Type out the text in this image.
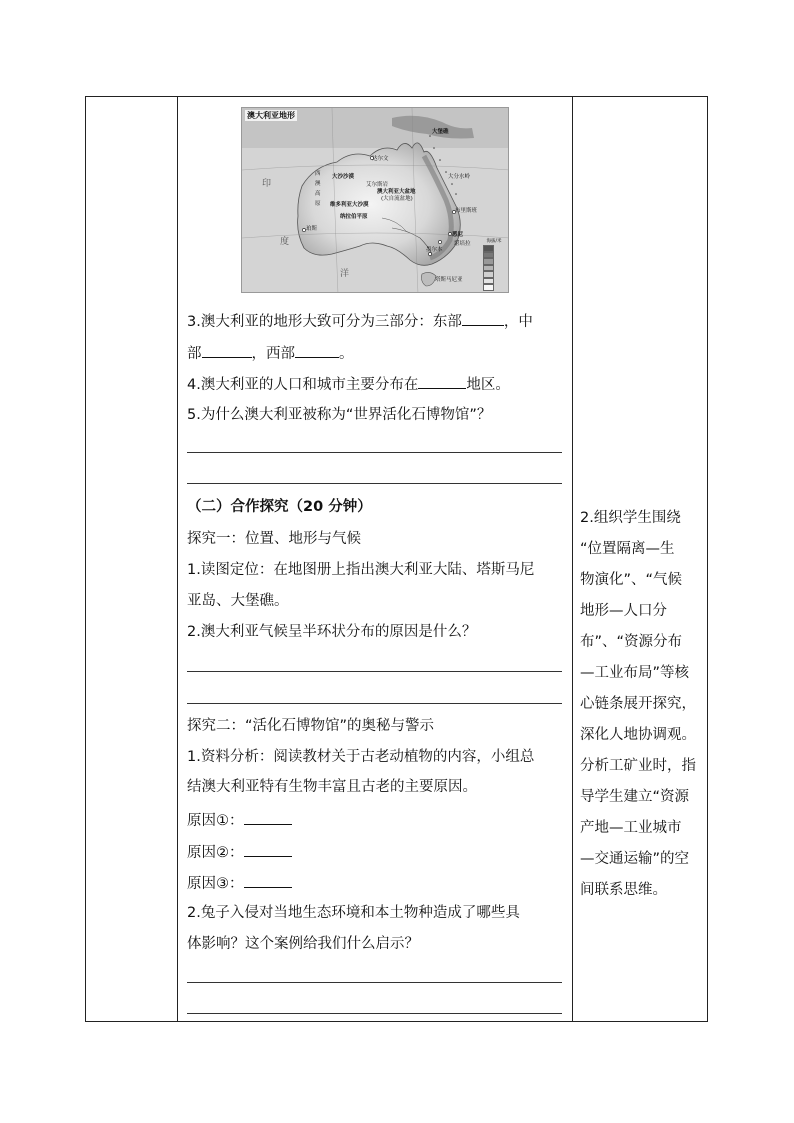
澳大利亚地形
达尔文
西
澳
高
原
大沙沙漠
澳大利亚大盆地
(大自流盆地)
维多利亚大沙漠
纳拉伯平原
珀斯
艾尔斯岩
布里斯班
悉尼
墨尔本
堪培拉
塔斯马尼亚
大堡礁
大分水岭
印
度
洋
海拔/米
3.澳大利亚的地形大致可分为三部分：东部	，中
部	，西部	。
4.澳大利亚的人口和城市主要分布在	地区。
5.为什么澳大利亚被称为“世界活化石博物馆”？
（二）合作探究（20 分钟）
探究一：位置、地形与气候
1.读图定位：在地图册上指出澳大利亚大陆、塔斯马尼
亚岛、大堡礁。
2.澳大利亚气候呈半环状分布的原因是什么？
探究二：“活化石博物馆”的奥秘与警示
1.资料分析：阅读教材关于古老动植物的内容，小组总
结澳大利亚特有生物丰富且古老的主要原因。
原因①：
原因②：
原因③：
2.兔子入侵对当地生态环境和本土物种造成了哪些具
体影响？这个案例给我们什么启示？
2.组织学生围绕
“位置隔离—生
物演化”、“气候
地形—人口分
布”、“资源分布
—工业布局”等核
心链条展开探究，
深化人地协调观。
分析工矿业时，指
导学生建立“资源
产地—工业城市
—交通运输”的空
间联系思维。
